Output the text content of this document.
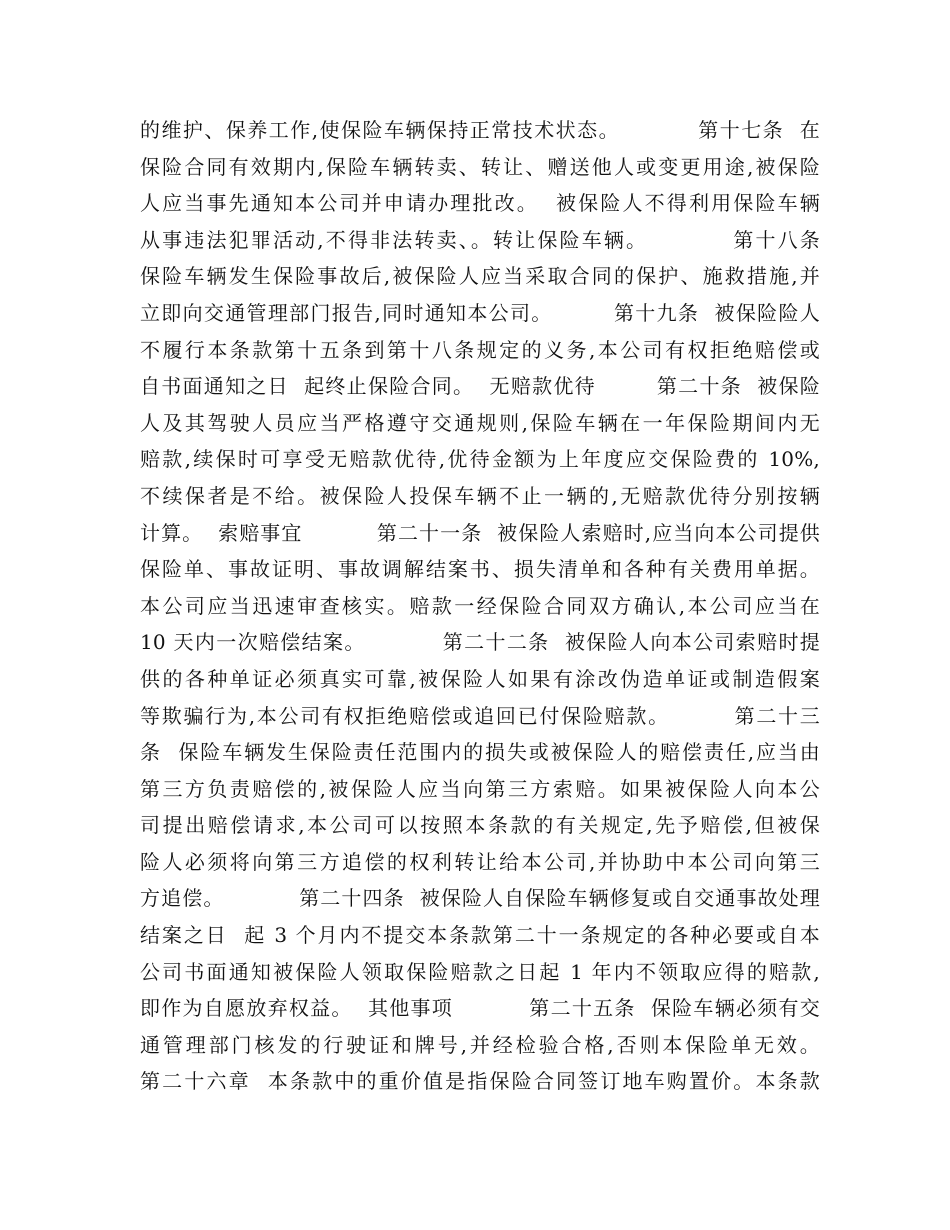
的维护、保养工作,使保险车辆保持正常技术状态。          第十七条  在
保险合同有效期内,保险车辆转卖、转让、赠送他人或变更用途,被保险
人应当事先通知本公司并申请办理批改。  被保险人不得利用保险车辆
从事违法犯罪活动,不得非法转卖、。转让保险车辆。          第十八条
保险车辆发生保险事故后,被保险人应当采取合同的保护、施救措施,并
立即向交通管理部门报告,同时通知本公司。        第十九条  被保险险人
不履行本条款第十五条到第十八条规定的义务,本公司有权拒绝赔偿或
自书面通知之日  起终止保险合同。  无赔款优待        第二十条  被保险
人及其驾驶人员应当严格遵守交通规则,保险车辆在一年保险期间内无
赔款,续保时可享受无赔款优待,优待金额为上年度应交保险费的 10%,
不续保者是不给。被保险人投保车辆不止一辆的,无赔款优待分别按辆
计算。  索赔事宜          第二十一条  被保险人索赔时,应当向本公司提供
保险单、事故证明、事故调解结案书、损失清单和各种有关费用单据。
本公司应当迅速审查核实。赔款一经保险合同双方确认,本公司应当在
10 天内一次赔偿结案。          第二十二条  被保险人向本公司索赔时提
供的各种单证必须真实可靠,被保险人如果有涂改伪造单证或制造假案
等欺骗行为,本公司有权拒绝赔偿或追回已付保险赔款。        第二十三
条  保险车辆发生保险责任范围内的损失或被保险人的赔偿责任,应当由
第三方负责赔偿的,被保险人应当向第三方索赔。如果被保险人向本公
司提出赔偿请求,本公司可以按照本条款的有关规定,先予赔偿,但被保
险人必须将向第三方追偿的权利转让给本公司,并协助中本公司向第三
方追偿。          第二十四条  被保险人自保险车辆修复或自交通事故处理
结案之日  起 3 个月内不提交本条款第二十一条规定的各种必要或自本
公司书面通知被保险人领取保险赔款之日起 1 年内不领取应得的赔款,
即作为自愿放弃权益。  其他事项          第二十五条  保险车辆必须有交
通管理部门核发的行驶证和牌号,并经检验合格,否则本保险单无效。
第二十六章  本条款中的重价值是指保险合同签订地车购置价。本条款
